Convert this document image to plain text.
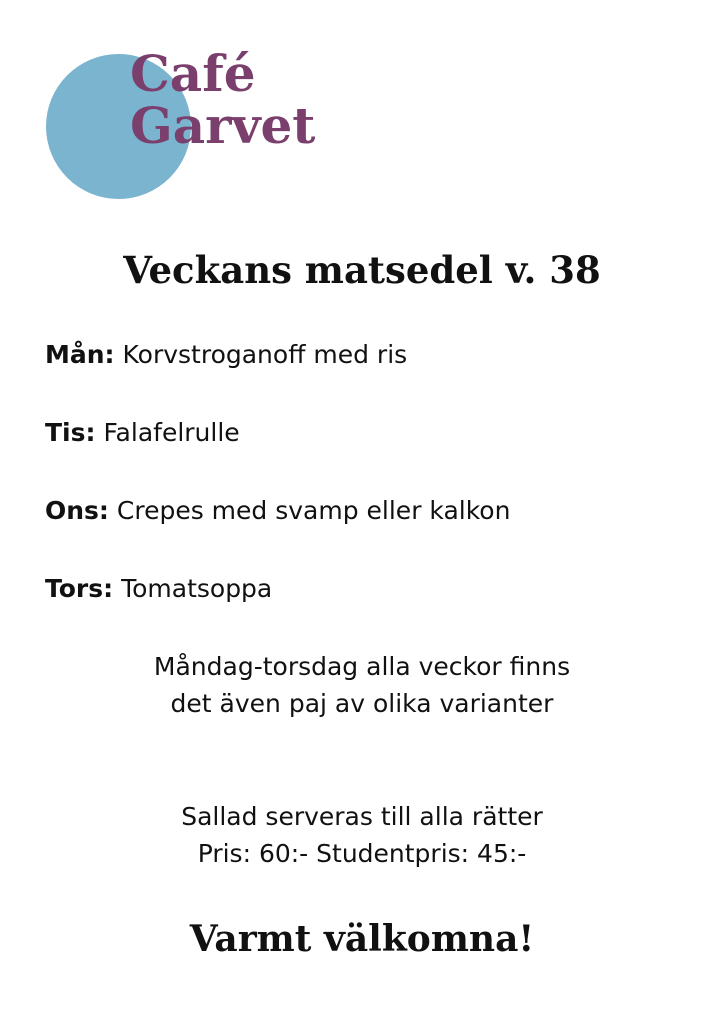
Café
Garvet
Veckans matsedel v. 38
Mån: Korvstroganoff med ris
Tis: Falafelrulle
Ons: Crepes med svamp eller kalkon
Tors: Tomatsoppa
Måndag-torsdag alla veckor finns
det även paj av olika varianter
Sallad serveras till alla rätter
Pris: 60:- Studentpris: 45:-
Varmt välkomna!
